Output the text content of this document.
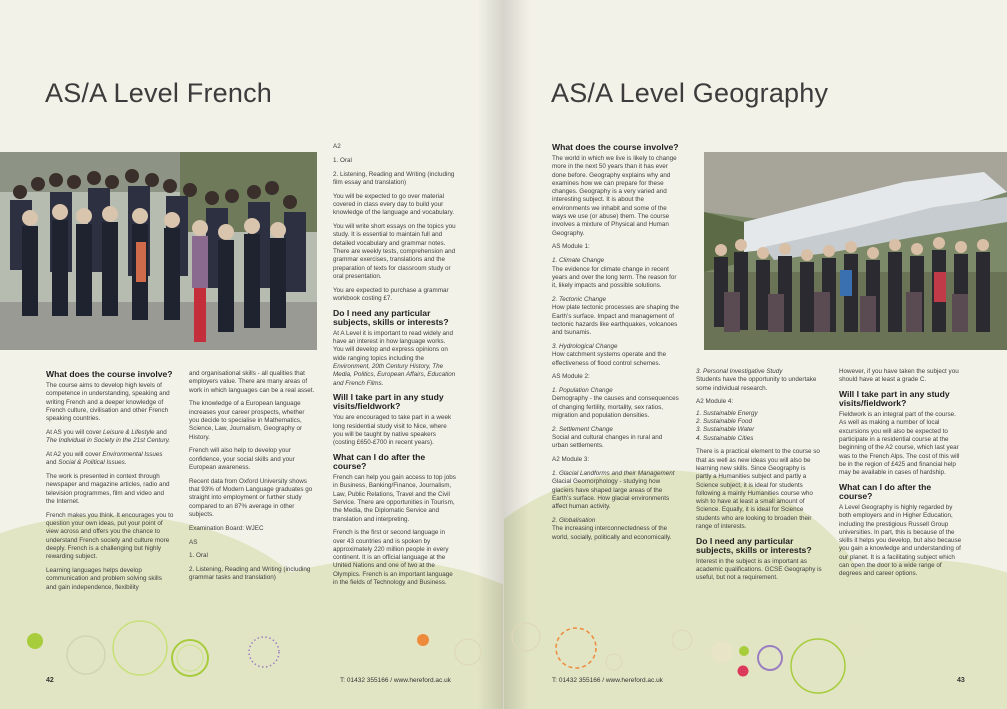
AS/A Level French
What does the course involve?

The course aims to develop high levels of competence in understanding, speaking and writing French and a deeper knowledge of French culture, civilisation and other French speaking countries.

At AS you will cover Leisure & Lifestyle and The Individual in Society in the 21st Century.

At A2 you will cover Environmental Issues and Social & Political Issues.

The work is presented in context through newspaper and magazine articles, radio and television programmes, film and video and the Internet.

French makes you think. It encourages you to question your own ideas, put your point of view across and offers you the chance to understand French society and culture more deeply. French is a challenging but highly rewarding subject.

Learning languages helps develop communication and problem solving skills and gain independence, flexibility

and organisational skills - all qualities that employers value. There are many areas of work in which languages can be a real asset.

The knowledge of a European language increases your career prospects, whether you decide to specialise in Mathematics, Science, Law, Journalism, Geography or History.

French will also help to develop your confidence, your social skills and your European awareness.

Recent data from Oxford University shows that 93% of Modern Language graduates go straight into employment or further study compared to an 87% average in other subjects.

Examination Board: WJEC

AS

1. Oral

2. Listening, Reading and Writing (including grammar tasks and translation)

A2

1. Oral

2. Listening, Reading and Writing (including film essay and translation)

You will be expected to go over material covered in class every day to build your knowledge of the language and vocabulary.

You will write short essays on the topics you study. It is essential to maintain full and detailed vocabulary and grammar notes. There are weekly tests, comprehension and grammar exercises, translations and the preparation of texts for classroom study or oral presentation.

You are expected to purchase a grammar workbook costing £7.

Do I need any particular subjects, skills or interests?

At A Level it is important to read widely and have an interest in how language works. You will develop and express opinions on wide ranging topics including the Environment, 20th Century History, The Media, Politics, European Affairs, Education and French Films.

Will I take part in any study visits/fieldwork?

You are encouraged to take part in a week long residential study visit to Nice, where you will be taught by native speakers (costing £650-£700 in recent years).

What can I do after the course?

French can help you gain access to top jobs in Business, Banking/Finance, Journalism, Law, Public Relations, Travel and the Civil Service. There are opportunities in Tourism, the Media, the Diplomatic Service and translation and interpreting.

French is the first or second language in over 43 countries and is spoken by approximately 220 million people in every continent. It is an official language at the United Nations and one of two at the Olympics. French is an important language in the fields of Technology and Business.

42	T: 01432 355166 / www.hereford.ac.uk
AS/A Level Geography
What does the course involve?

The world in which we live is likely to change more in the next 50 years than it has ever done before. Geography explains why and examines how we can prepare for these changes. Geography is a very varied and interesting subject. It is about the environments we inhabit and some of the ways we use (or abuse) them. The course involves a mixture of Physical and Human Geography.

AS Module 1:

1. Climate Change

The evidence for climate change in recent years and over the long term. The reason for it, likely impacts and possible solutions.

2. Tectonic Change

How plate tectonic processes are shaping the Earth’s surface. Impact and management of tectonic hazards like earthquakes, volcanoes and tsunamis.

3. Hydrological Change

How catchment systems operate and the effectiveness of flood control schemes.

AS Module 2:

1. Population Change

Demography - the causes and consequences of changing fertility, mortality, sex ratios, migration and population densities.

2. Settlement Change

Social and cultural changes in rural and urban settlements.

A2 Module 3:

1. Glacial Landforms and their Management

Glacial Geomorphology - studying how glaciers have shaped large areas of the Earth’s surface. How glacial environments affect human activity.

2. Globalisation

The increasing interconnectedness of the world, socially, politically and economically.

3. Personal Investigative Study

Students have the opportunity to undertake some individual research.

A2 Module 4:

1. Sustainable Energy
2. Sustainable Food
3. Sustainable Water

4. Sustainable Cities

There is a practical element to the course so that as well as new ideas you will also be learning new skills. Since Geography is partly a Humanities subject and partly a Science subject, it is ideal for students following a mainly Humanities course who wish to have at least a small amount of Science. Equally, it is ideal for Science students who are looking to broaden their range of interests.

Do I need any particular subjects, skills or interests?

Interest in the subject is as important as academic qualifications. GCSE Geography is useful, but not a requirement.

However, if you have taken the subject you should have at least a grade C.

Will I take part in any study visits/fieldwork?

Fieldwork is an integral part of the course. As well as making a number of local excursions you will also be expected to participate in a residential course at the beginning of the A2 course, which last year was to the French Alps. The cost of this will be in the region of £425 and financial help may be available in cases of hardship.

What can I do after the course?

A Level Geography is highly regarded by both employers and in Higher Education, including the prestigious Russell Group universities. In part, this is because of the skills it helps you develop, but also because you gain a knowledge and understanding of our planet. It is a facilitating subject which can open the door to a wide range of degrees and career options.

T: 01432 355166 / www.hereford.ac.uk	43
